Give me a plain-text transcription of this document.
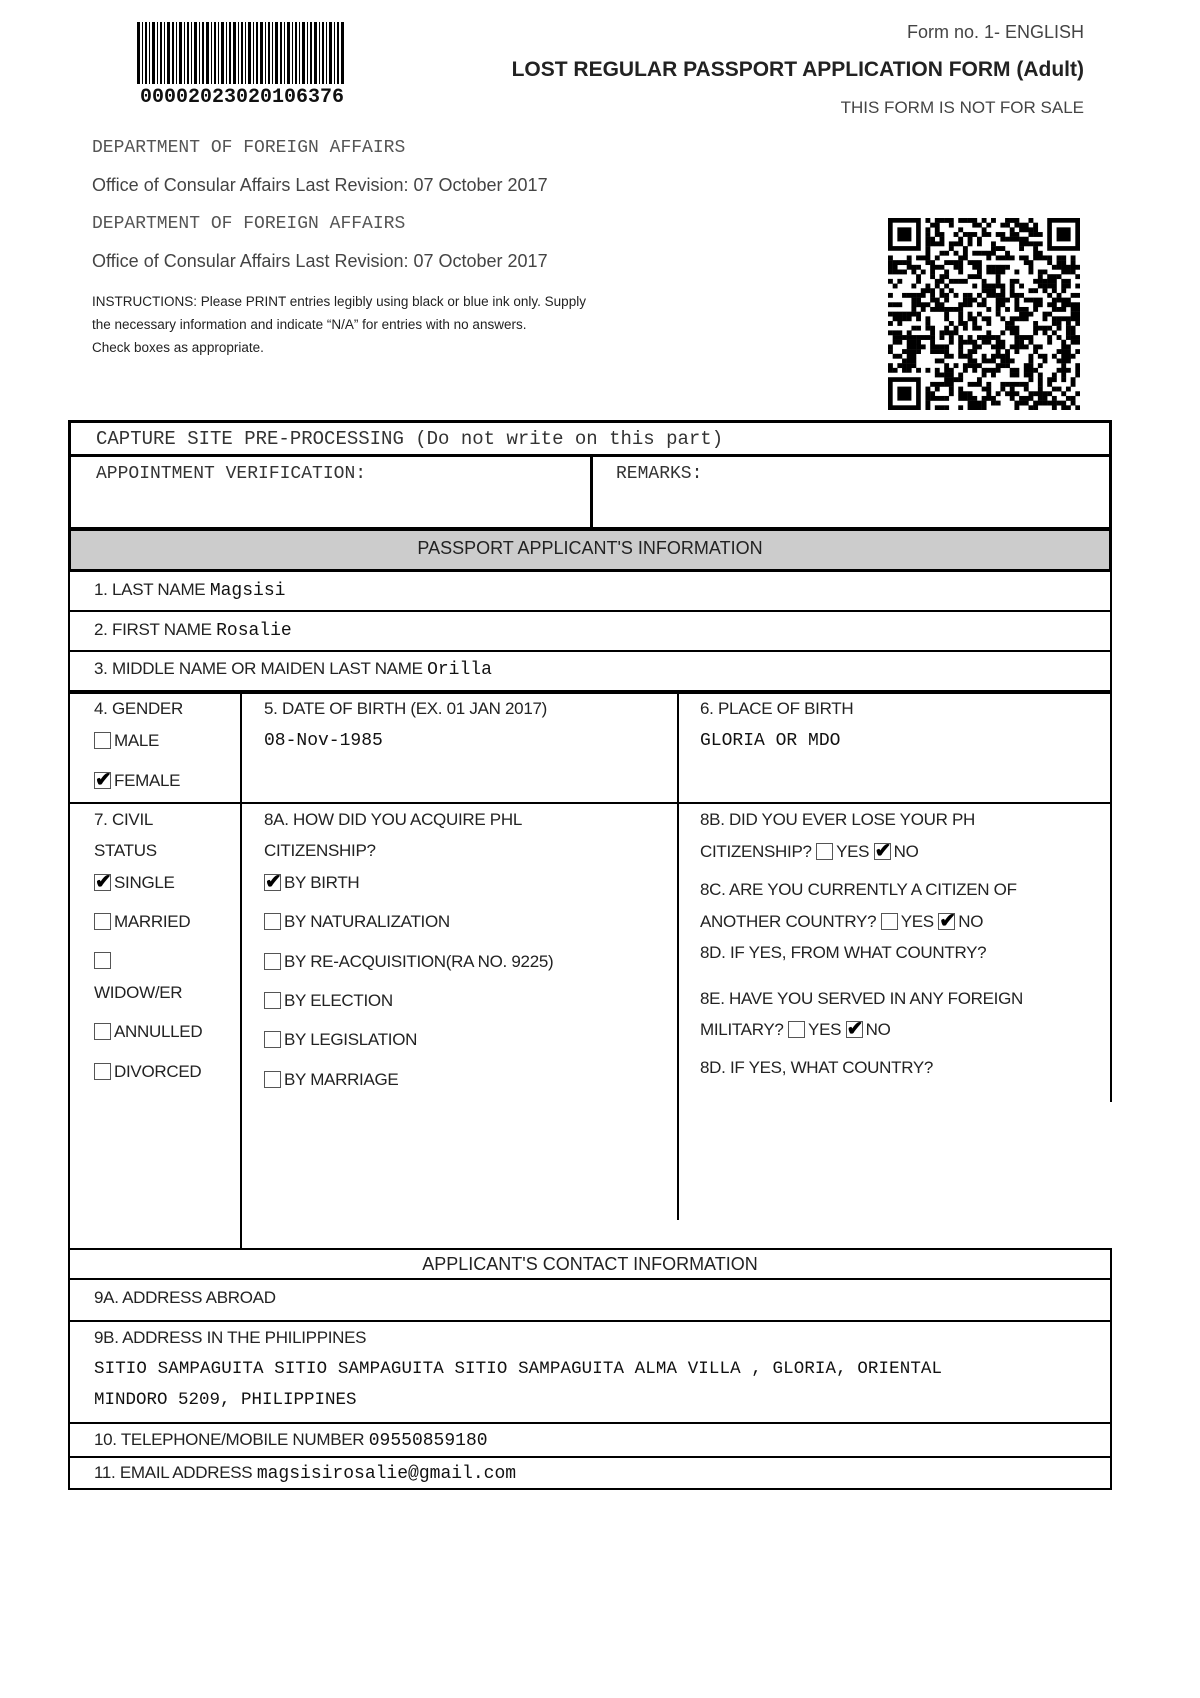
00002023020106376
Form no. 1- ENGLISH
LOST REGULAR PASSPORT APPLICATION FORM (Adult)
THIS FORM IS NOT FOR SALE
DEPARTMENT OF FOREIGN AFFAIRS
Office of Consular Affairs Last Revision: 07 October 2017
DEPARTMENT OF FOREIGN AFFAIRS
Office of Consular Affairs Last Revision: 07 October 2017
INSTRUCTIONS: Please PRINT entries legibly using black or blue ink only. Supply
the necessary information and indicate “N/A” for entries with no answers.
Check boxes as appropriate.
CAPTURE SITE PRE-PROCESSING (Do not write on this part)
APPOINTMENT VERIFICATION:	REMARKS:
PASSPORT APPLICANT'S INFORMATION
1. LAST NAME Magsisi
2. FIRST NAME Rosalie
3. MIDDLE NAME OR MAIDEN LAST NAME Orilla
4. GENDER
MALE
✔FEMALE
5. DATE OF BIRTH (EX. 01 JAN 2017)
08-Nov-1985
6. PLACE OF BIRTH
GLORIA OR MDO
7. CIVIL
STATUS
✔SINGLE
MARRIED
WIDOW/ER
ANNULLED
DIVORCED
8A. HOW DID YOU ACQUIRE PHL
CITIZENSHIP?
✔BY BIRTH
BY NATURALIZATION
BY RE-ACQUISITION(RA NO. 9225)
BY ELECTION
BY LEGISLATION
BY MARRIAGE
8B. DID YOU EVER LOSE YOUR PH
CITIZENSHIP? YES ✔ NO
8C. ARE YOU CURRENTLY A CITIZEN OF
ANOTHER COUNTRY? YES ✔ NO
8D. IF YES, FROM WHAT COUNTRY?
8E. HAVE YOU SERVED IN ANY FOREIGN
MILITARY? YES ✔ NO
8D. IF YES, WHAT COUNTRY?
APPLICANT'S CONTACT INFORMATION
9A. ADDRESS ABROAD
9B. ADDRESS IN THE PHILIPPINES
SITIO SAMPAGUITA SITIO SAMPAGUITA SITIO SAMPAGUITA ALMA VILLA , GLORIA, ORIENTAL
MINDORO 5209, PHILIPPINES
10. TELEPHONE/MOBILE NUMBER 09550859180
11. EMAIL ADDRESS magsisirosalie@gmail.com
